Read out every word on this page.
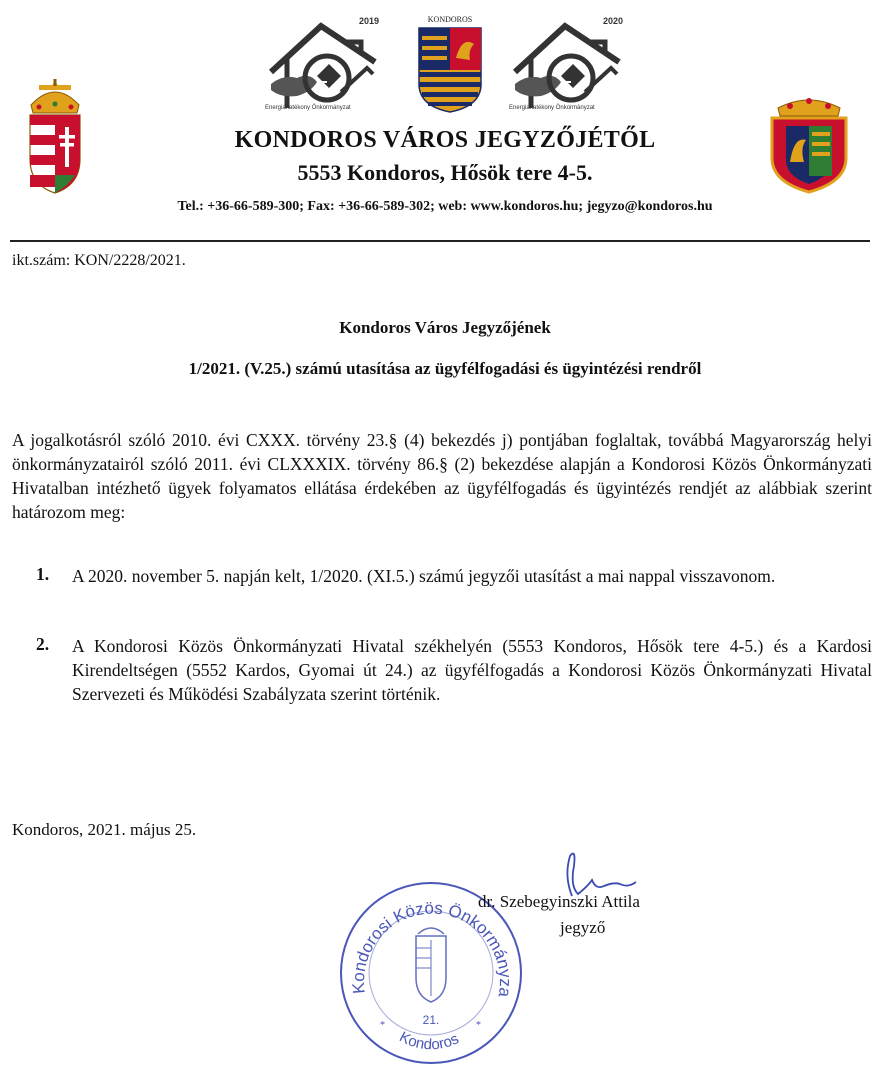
2019
Energiahatékony Önkormányzat
KONDOROS	2020
Energiahatékony Önkormányzat
KONDOROS VÁROS JEGYZŐJÉTŐL
5553 Kondoros, Hősök tere 4-5.
Tel.: +36-66-589-300; Fax: +36-66-589-302; web: www.kondoros.hu; jegyzo@kondoros.hu
ikt.szám: KON/2228/2021.
Kondoros Város Jegyzőjének
1/2021. (V.25.) számú utasítása az ügyfélfogadási és ügyintézési rendről
A jogalkotásról szóló 2010. évi CXXX. törvény 23.§ (4) bekezdés j) pontjában foglaltak, továbbá Magyarország helyi önkormányzatairól szóló 2011. évi CLXXXIX. törvény 86.§ (2) bekezdése alapján a Kondorosi Közös Önkormányzati Hivatalban intézhető ügyek folyamatos ellátása érdekében az ügyfélfogadás és ügyintézés rendjét az alábbiak szerint határozom meg:
1. A 2020. november 5. napján kelt, 1/2020. (XI.5.) számú jegyzői utasítást a mai nappal visszavonom.
2. A Kondorosi Közös Önkormányzati Hivatal székhelyén (5553 Kondoros, Hősök tere 4-5.) és a Kardosi Kirendeltségen (5552 Kardos, Gyomai út 24.) az ügyfélfogadás a Kondorosi Közös Önkormányzati Hivatal Szervezeti és Működési Szabályzata szerint történik.
Kondoros, 2021. május 25.
Kondorosi Közös Önkormányzati Hivatal
Kondoros
21.
*	*
dr. Szebegyinszki Attila
jegyző
